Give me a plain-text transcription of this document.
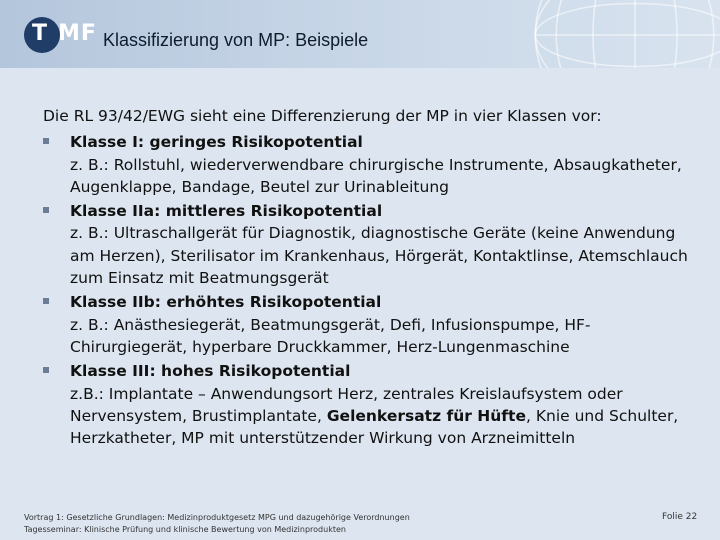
T MF Klassifizierung von MP: Beispiele

Die RL 93/42/EWG sieht eine Differenzierung der MP in vier Klassen vor:

Klasse I: geringes Risikopotential
z. B.: Rollstuhl, wiederverwendbare chirurgische Instrumente, Absaugkatheter, Augenklappe, Bandage, Beutel zur Urinableitung
Klasse IIa: mittleres Risikopotential
z. B.: Ultraschallgerät für Diagnostik, diagnostische Geräte (keine Anwendung am Herzen), Sterilisator im Krankenhaus, Hörgerät, Kontaktlinse, Atemschlauch zum Einsatz mit Beatmungsgerät
Klasse IIb: erhöhtes Risikopotential
z. B.: Anästhesiegerät, Beatmungsgerät, Defi, Infusionspumpe, HF-Chirurgiegerät, hyperbare Druckkammer, Herz-Lungenmaschine
Klasse III: hohes Risikopotential
z.B.: Implantate – Anwendungsort Herz, zentrales Kreislaufsystem oder Nervensystem, Brustimplantate, Gelenkersatz für Hüfte, Knie und Schulter, Herzkatheter, MP mit unterstützender Wirkung von Arzneimitteln
Vortrag 1: Gesetzliche Grundlagen: Medizinproduktgesetz MPG und dazugehörige Verordnungen
Tagesseminar: Klinische Prüfung und klinische Bewertung von Medizinprodukten
Folie 22
